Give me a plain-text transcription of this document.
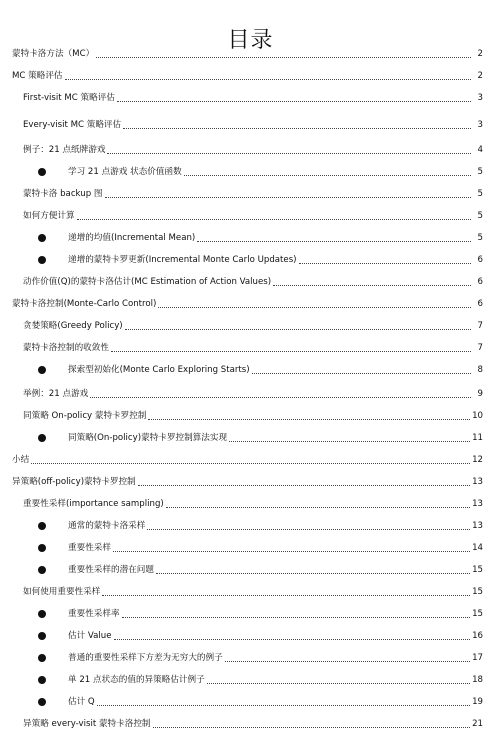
目录
蒙特卡洛方法（MC）	2
MC 策略评估	2
First-visit MC 策略评估	3
Every-visit MC 策略评估	3
例子：21 点纸牌游戏	4
学习 21 点游戏 状态价值函数	5
蒙特卡洛 backup 图	5
如何方便计算	5
递增的均值(Incremental Mean)	5
递增的蒙特卡罗更新(Incremental Monte Carlo Updates)	6
动作价值(Q)的蒙特卡洛估计(MC Estimation of Action Values)	6
蒙特卡洛控制(Monte-Carlo Control)	6
贪婪策略(Greedy Policy)	7
蒙特卡洛控制的收敛性	7
探索型初始化(Monte Carlo Exploring Starts)	8
举例：21 点游戏	9
同策略 On-policy 蒙特卡罗控制	10
同策略(On-policy)蒙特卡罗控制算法实现	11
小结	12
异策略(off-policy)蒙特卡罗控制	13
重要性采样(importance sampling)	13
通常的蒙特卡洛采样	13
重要性采样	14
重要性采样的潜在问题	15
如何使用重要性采样	15
重要性采样率	15
估计 Value	16
普通的重要性采样下方差为无穷大的例子	17
单 21 点状态的值的异策略估计例子	18
估计 Q	19
异策略 every-visit 蒙特卡洛控制	21
